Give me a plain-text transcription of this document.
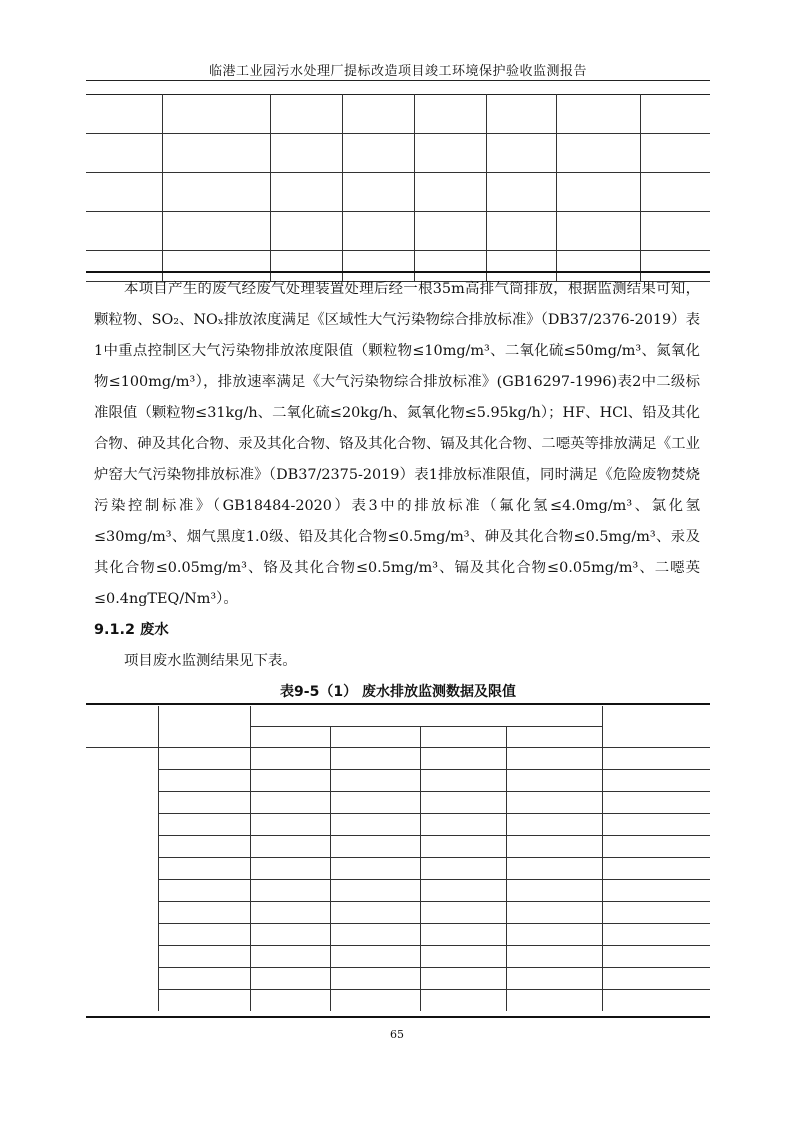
临港工业园污水处理厂提标改造项目竣工环境保护验收监测报告

本项目产生的废气经废气处理装置处理后经一根35m高排气筒排放，根据监测结果可知，颗粒物、SO₂、NOₓ排放浓度满足《区域性大气污染物综合排放标准》（DB37/2376-2019）表1中重点控制区大气污染物排放浓度限值（颗粒物≤10mg/m³、二氧化硫≤50mg/m³、氮氧化物≤100mg/m³），排放速率满足《大气污染物综合排放标准》(GB16297-1996)表2中二级标准限值（颗粒物≤31kg/h、二氧化硫≤20kg/h、氮氧化物≤5.95kg/h）；HF、HCl、铅及其化合物、砷及其化合物、汞及其化合物、铬及其化合物、镉及其化合物、二噁英等排放满足《工业炉窑大气污染物排放标准》（DB37/2375-2019）表1排放标准限值，同时满足《危险废物焚烧污染控制标准》（GB18484-2020）表3中的排放标准（氟化氢≤4.0mg/m³、氯化氢≤30mg/m³、烟气黑度1.0级、铅及其化合物≤0.5mg/m³、砷及其化合物≤0.5mg/m³、汞及其化合物≤0.05mg/m³、铬及其化合物≤0.5mg/m³、镉及其化合物≤0.05mg/m³、二噁英≤0.4ngTEQ/Nm³）。
9.1.2 废水
项目废水监测结果见下表。
表9-5（1） 废水排放监测数据及限值

65
